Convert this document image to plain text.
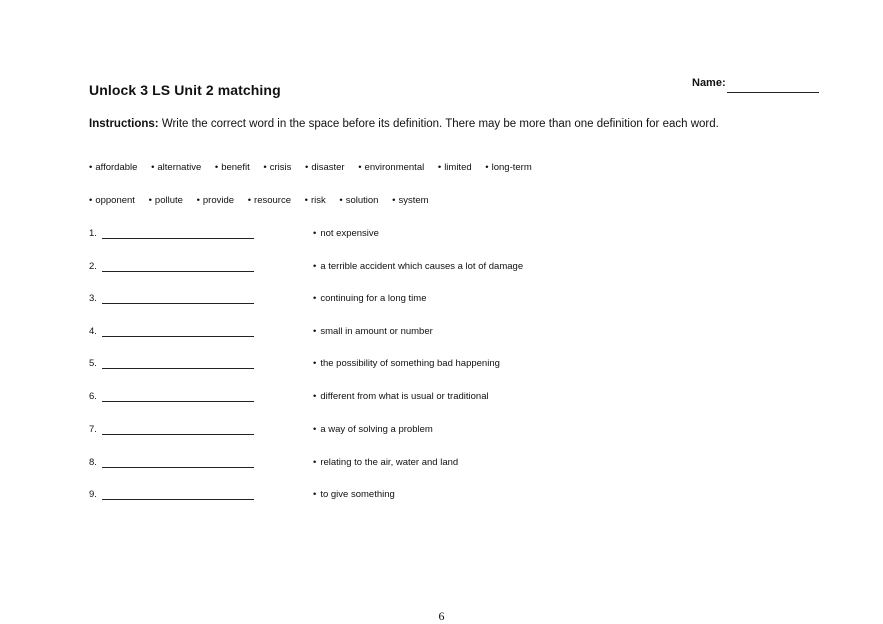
Unlock 3 LS Unit 2 matching	Name:
Instructions: Write the correct word in the space before its definition. There may be more than one definition for each word.
• affordable • alternative • benefit • crisis • disaster • environmental • limited • long-term
• opponent • pollute • provide • resource • risk • solution • system
1.	• not expensive
2.	• a terrible accident which causes a lot of damage
3.	• continuing for a long time
4.	• small in amount or number
5.	• the possibility of something bad happening
6.	• different from what is usual or traditional
7.	• a way of solving a problem
8.	• relating to the air, water and land
9.	• to give something
6
